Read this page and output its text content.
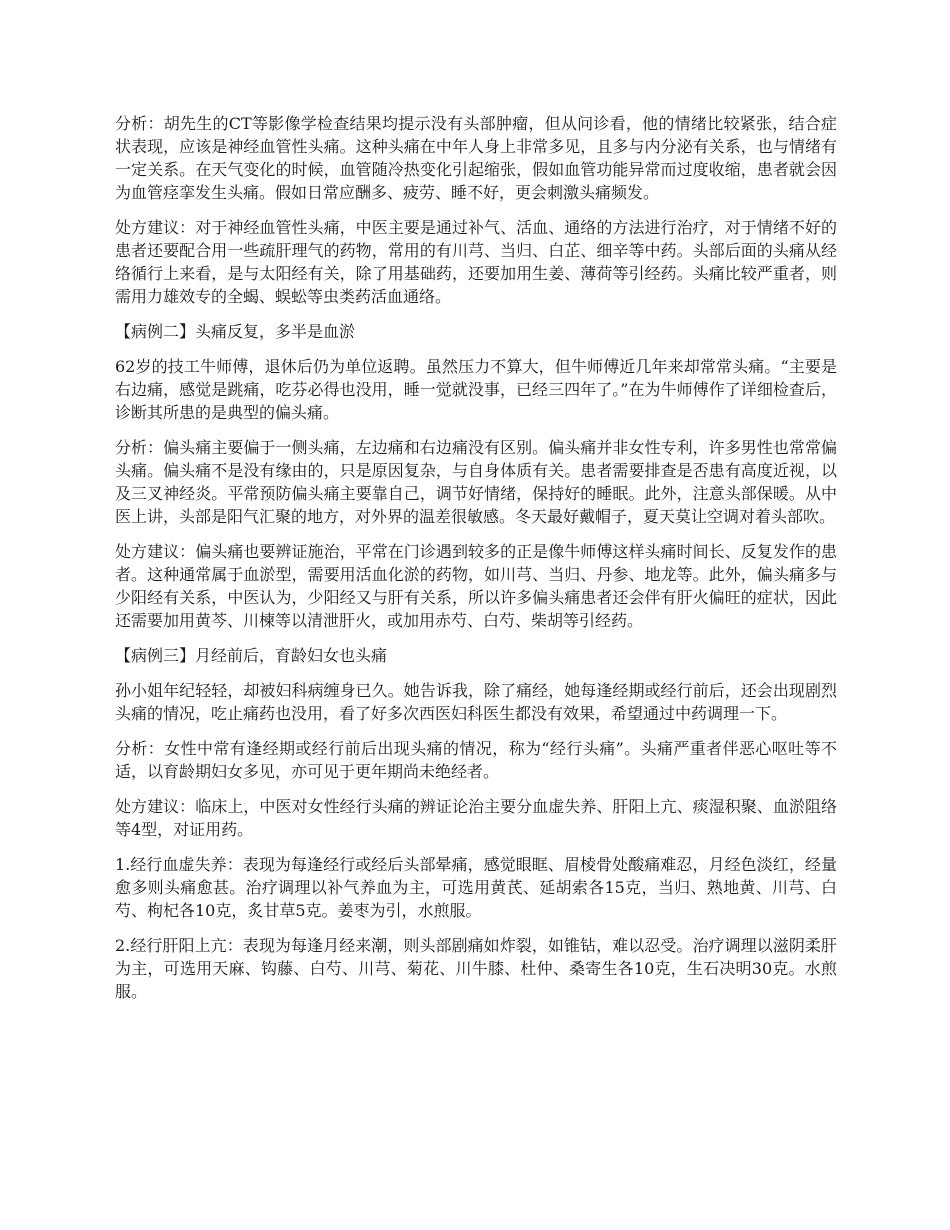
分析：胡先生的CT等影像学检查结果均提示没有头部肿瘤，但从问诊看，他的情绪比较紧张，结合症状表现，应该是神经血管性头痛。这种头痛在中年人身上非常多见，且多与内分泌有关系，也与情绪有一定关系。在天气变化的时候，血管随冷热变化引起缩张，假如血管功能异常而过度收缩，患者就会因为血管痉挛发生头痛。假如日常应酬多、疲劳、睡不好，更会刺激头痛频发。

处方建议：对于神经血管性头痛，中医主要是通过补气、活血、通络的方法进行治疗，对于情绪不好的患者还要配合用一些疏肝理气的药物，常用的有川芎、当归、白芷、细辛等中药。头部后面的头痛从经络循行上来看，是与太阳经有关，除了用基础药，还要加用生姜、薄荷等引经药。头痛比较严重者，则需用力雄效专的全蝎、蜈蚣等虫类药活血通络。

【病例二】头痛反复，多半是血淤

62岁的技工牛师傅，退休后仍为单位返聘。虽然压力不算大，但牛师傅近几年来却常常头痛。“主要是右边痛，感觉是跳痛，吃芬必得也没用，睡一觉就没事，已经三四年了。”在为牛师傅作了详细检查后，诊断其所患的是典型的偏头痛。

分析：偏头痛主要偏于一侧头痛，左边痛和右边痛没有区别。偏头痛并非女性专利，许多男性也常常偏头痛。偏头痛不是没有缘由的，只是原因复杂，与自身体质有关。患者需要排查是否患有高度近视，以及三叉神经炎。平常预防偏头痛主要靠自己，调节好情绪，保持好的睡眠。此外，注意头部保暖。从中医上讲，头部是阳气汇聚的地方，对外界的温差很敏感。冬天最好戴帽子，夏天莫让空调对着头部吹。

处方建议：偏头痛也要辨证施治，平常在门诊遇到较多的正是像牛师傅这样头痛时间长、反复发作的患者。这种通常属于血淤型，需要用活血化淤的药物，如川芎、当归、丹参、地龙等。此外，偏头痛多与少阳经有关系，中医认为，少阳经又与肝有关系，所以许多偏头痛患者还会伴有肝火偏旺的症状，因此还需要加用黄芩、川楝等以清泄肝火，或加用赤芍、白芍、柴胡等引经药。

【病例三】月经前后，育龄妇女也头痛

孙小姐年纪轻轻，却被妇科病缠身已久。她告诉我，除了痛经，她每逢经期或经行前后，还会出现剧烈头痛的情况，吃止痛药也没用，看了好多次西医妇科医生都没有效果，希望通过中药调理一下。

分析：女性中常有逢经期或经行前后出现头痛的情况，称为“经行头痛”。头痛严重者伴恶心呕吐等不适，以育龄期妇女多见，亦可见于更年期尚未绝经者。

处方建议：临床上，中医对女性经行头痛的辨证论治主要分血虚失养、肝阳上亢、痰湿积聚、血淤阻络等4型，对证用药。

1.经行血虚失养：表现为每逢经行或经后头部晕痛，感觉眼眶、眉棱骨处酸痛难忍，月经色淡红，经量愈多则头痛愈甚。治疗调理以补气养血为主，可选用黄芪、延胡索各15克，当归、熟地黄、川芎、白芍、枸杞各10克，炙甘草5克。姜枣为引，水煎服。

2.经行肝阳上亢：表现为每逢月经来潮，则头部剧痛如炸裂，如锥钻，难以忍受。治疗调理以滋阴柔肝为主，可选用天麻、钩藤、白芍、川芎、菊花、川牛膝、杜仲、桑寄生各10克，生石决明30克。水煎服。
